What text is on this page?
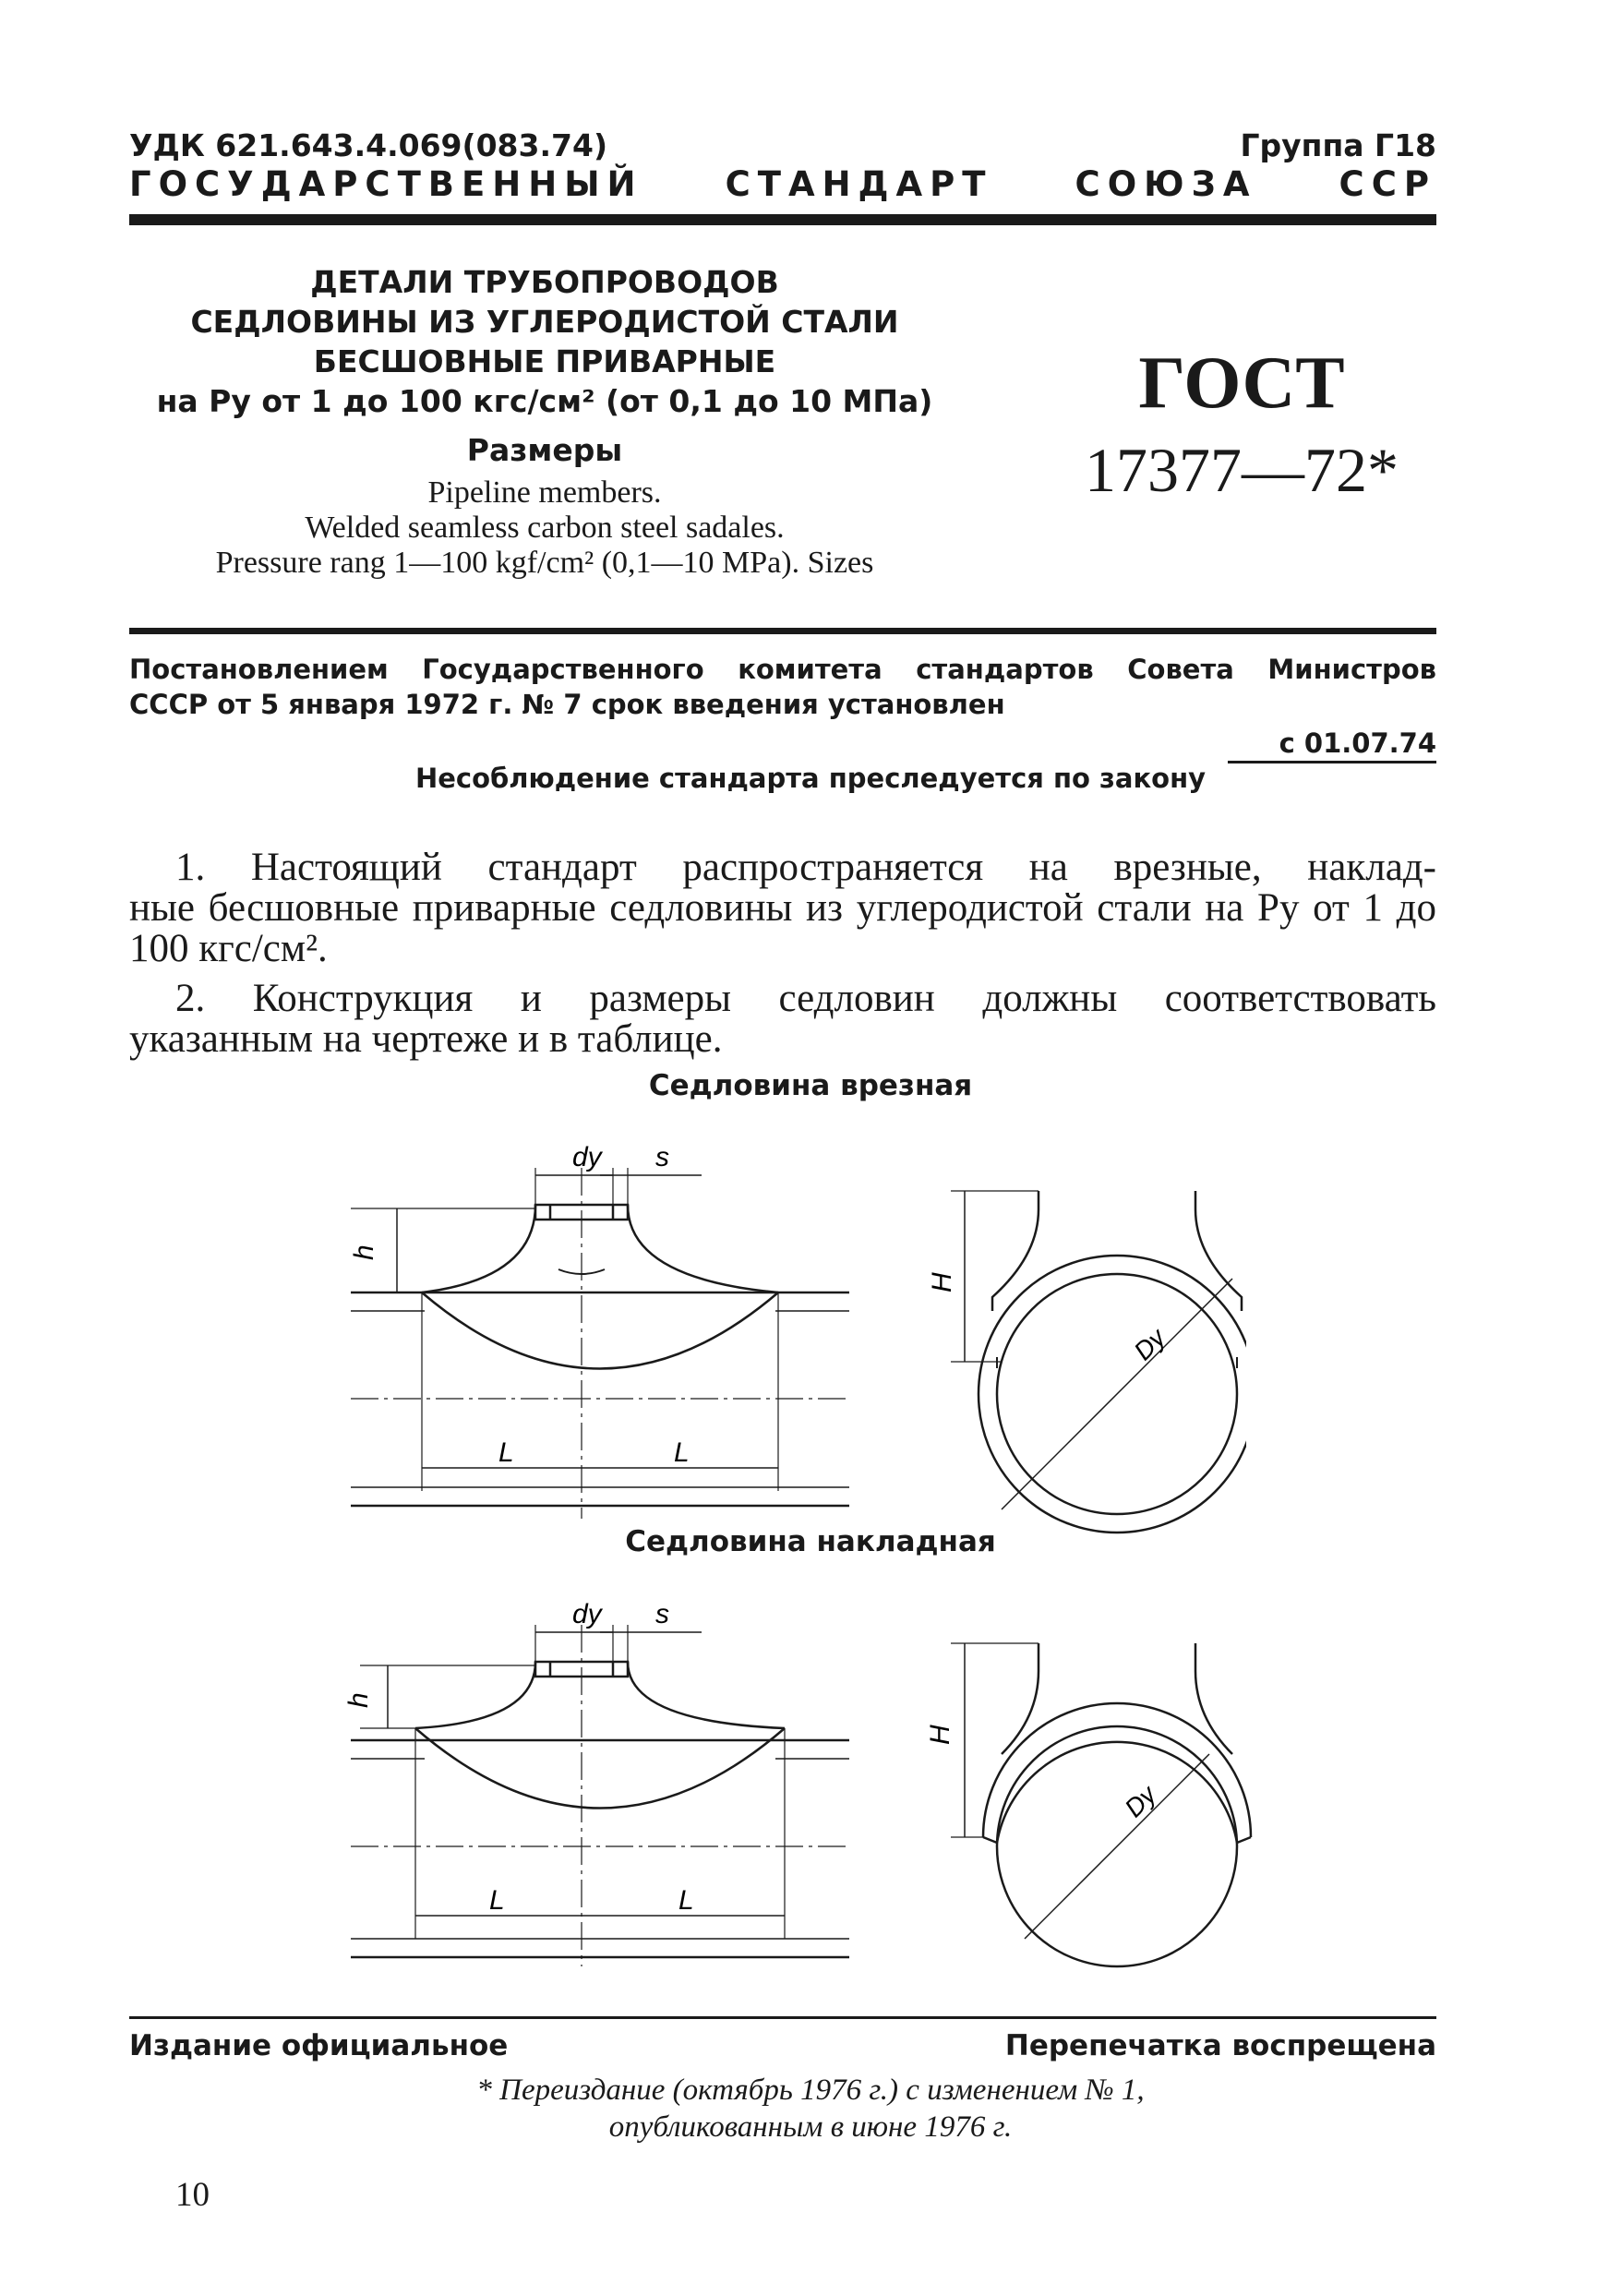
УДК 621.643.4.069(083.74)	Группа Г18
ГОСУДАРСТВЕННЫЙ СТАНДАРТ СОЮЗА ССР
ДЕТАЛИ ТРУБОПРОВОДОВ
СЕДЛОВИНЫ ИЗ УГЛЕРОДИСТОЙ СТАЛИ
БЕСШОВНЫЕ ПРИВАРНЫЕ
на Pу от 1 до 100 кгс/см² (от 0,1 до 10 МПа)
Размеры
Pipeline members.
Welded seamless carbon steel sadales.
Pressure rang 1—100 kgf/cm² (0,1—10 MPa). Sizes
ГОСТ
17377—72*
Постановлением Государственного комитета стандартов Совета Министров
СССР от 5 января 1972 г. № 7 срок введения установлен
с 01.07.74
Несоблюдение стандарта преследуется по закону
1. Настоящий стандарт распространяется на врезные, наклад-
ные бесшовные приварные седловины из углеродистой стали на Pу от 1 до 100 кгс/см².
2. Конструкция и размеры седловин должны соответствовать
указанным на чертеже и в таблице.
Седловина врезная
dy s
h
L	L
H
Dy
Седловина накладная
dy s
h
L	L
H
Dy
Издание официальное	Перепечатка воспрещена
* Переиздание (октябрь 1976 г.) с изменением № 1,
опубликованным в июне 1976 г.
10
